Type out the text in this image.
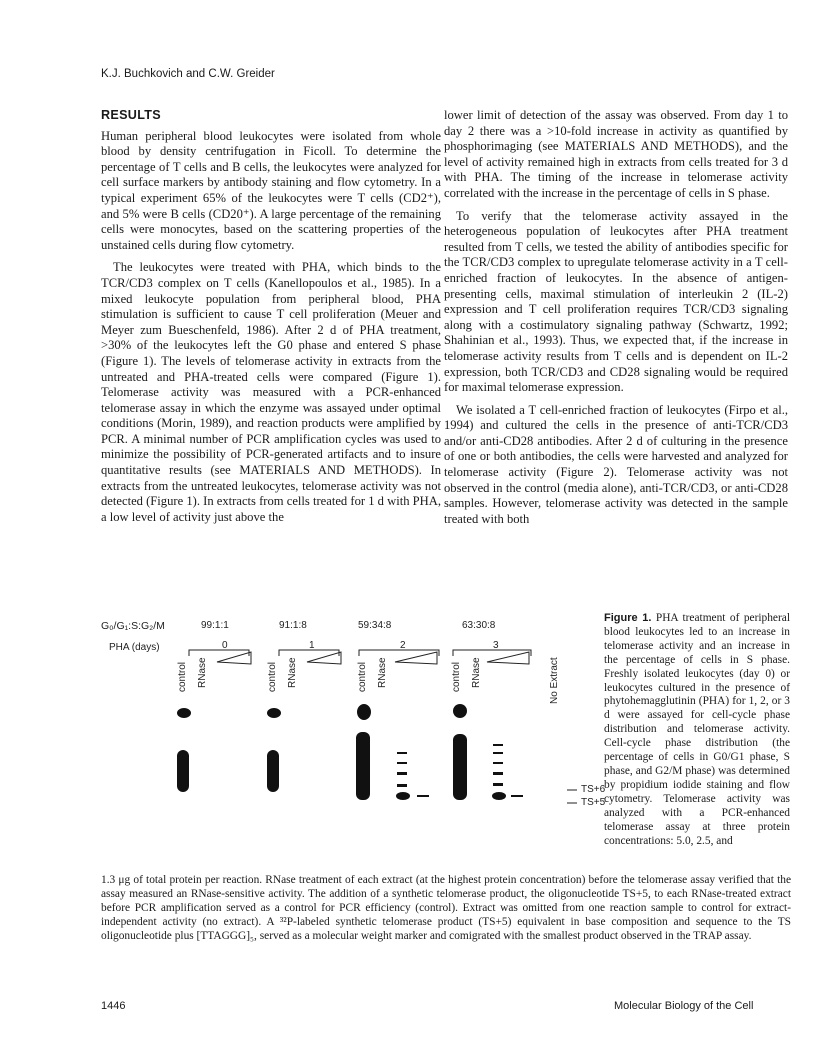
K.J. Buchkovich and C.W. Greider
RESULTS

Human peripheral blood leukocytes were isolated from whole blood by density centrifugation in Ficoll. To determine the percentage of T cells and B cells, the leukocytes were analyzed for cell surface markers by antibody staining and flow cytometry. In a typical experiment 65% of the leukocytes were T cells (CD2⁺), and 5% were B cells (CD20⁺). A large percentage of the remaining cells were monocytes, based on the scattering properties of the unstained cells during flow cytometry.

The leukocytes were treated with PHA, which binds to the TCR/CD3 complex on T cells (Kanellopoulos et al., 1985). In a mixed leukocyte population from peripheral blood, PHA stimulation is sufficient to cause T cell proliferation (Meuer and Meyer zum Bueschenfeld, 1986). After 2 d of PHA treatment, >30% of the leukocytes left the G0 phase and entered S phase (Figure 1). The levels of telomerase activity in extracts from the untreated and PHA-treated cells were compared (Figure 1). Telomerase activity was measured with a PCR-enhanced telomerase assay in which the enzyme was assayed under optimal conditions (Morin, 1989), and reaction products were amplified by PCR. A minimal number of PCR amplification cycles was used to minimize the possibility of PCR-generated artifacts and to insure quantitative results (see MATERIALS AND METHODS). In extracts from the untreated leukocytes, telomerase activity was not detected (Figure 1). In extracts from cells treated for 1 d with PHA, a low level of activity just above the

lower limit of detection of the assay was observed. From day 1 to day 2 there was a >10-fold increase in activity as quantified by phosphorimaging (see MATERIALS AND METHODS), and the level of activity remained high in extracts from cells treated for 3 d with PHA. The timing of the increase in telomerase activity correlated with the increase in the percentage of cells in S phase.

To verify that the telomerase activity assayed in the heterogeneous population of leukocytes after PHA treatment resulted from T cells, we tested the ability of antibodies specific for the TCR/CD3 complex to upregulate telomerase activity in a T cell-enriched fraction of leukocytes. In the absence of antigen-presenting cells, maximal stimulation of interleukin 2 (IL-2) expression and T cell proliferation requires TCR/CD3 signaling along with a costimulatory signaling pathway (Schwartz, 1992; Shahinian et al., 1993). Thus, we expected that, if the increase in telomerase activity results from T cells and is dependent on IL-2 expression, both TCR/CD3 and CD28 signaling would be required for maximal telomerase expression.

We isolated a T cell-enriched fraction of leukocytes (Firpo et al., 1994) and cultured the cells in the presence of anti-TCR/CD3 and/or anti-CD28 antibodies. After 2 d of culturing in the presence of one or both antibodies, the cells were harvested and analyzed for telomerase activity (Figure 2). Telomerase activity was not observed in the control (media alone), anti-TCR/CD3, or anti-CD28 samples. However, telomerase activity was detected in the sample treated with both

G₀/G₁:S:G₂/M
PHA (days)
99:1:1	91:1:8	59:34:8	63:30:8
0	1	2	3
control RNase	control RNase	control RNase	control RNase	No Extract
TS+6
TS+5
Figure 1. PHA treatment of peripheral blood leukocytes led to an increase in telomerase activity and an increase in the percentage of cells in S phase. Freshly isolated leukocytes (day 0) or leukocytes cultured in the presence of phytohemagglutinin (PHA) for 1, 2, or 3 d were assayed for cell-cycle phase distribution and telomerase activity. Cell-cycle phase distribution (the percentage of cells in G0/G1 phase, S phase, and G2/M phase) was determined by propidium iodide staining and flow cytometry. Telomerase activity was analyzed with a PCR-enhanced telomerase assay at three protein concentrations: 5.0, 2.5, and
1.3 μg of total protein per reaction. RNase treatment of each extract (at the highest protein concentration) before the telomerase assay verified that the assay measured an RNase-sensitive activity. The addition of a synthetic telomerase product, the oligonucleotide TS+5, to each RNase-treated extract before PCR amplification served as a control for PCR efficiency (control). Extract was omitted from one reaction sample to control for extract-independent activity (no extract). A ³²P-labeled synthetic telomerase product (TS+5) equivalent in base composition and sequence to the TS oligonucleotide plus [TTAGGG]₅, served as a molecular weight marker and comigrated with the smallest product observed in the TRAP assay.
1446	Molecular Biology of the Cell
